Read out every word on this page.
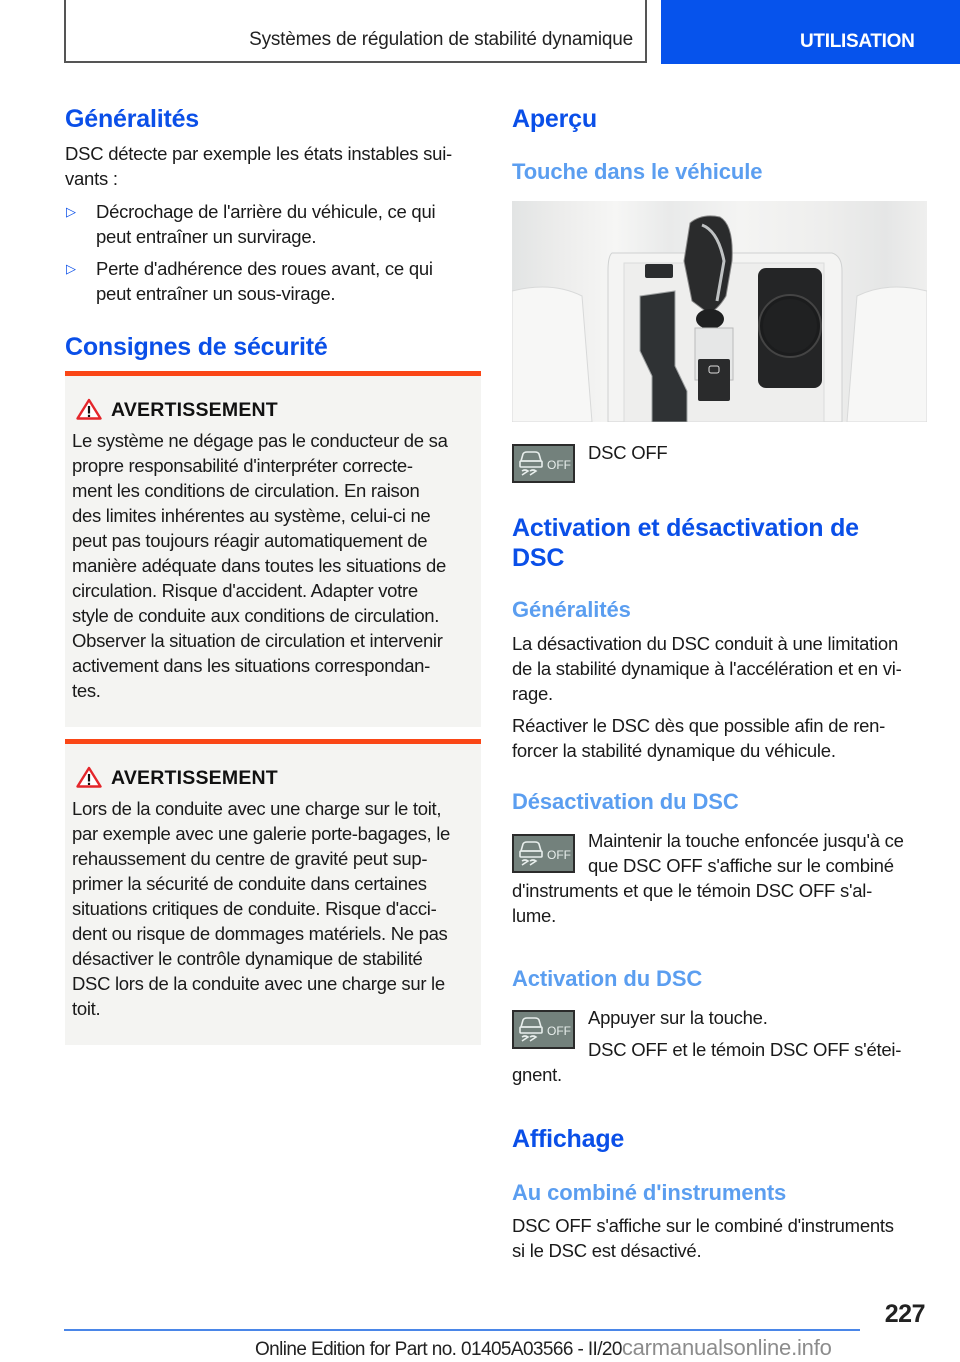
Systèmes de régulation de stabilité dynamique	UTILISATION
Généralités
DSC détecte par exemple les états instables sui-
vants :
▷ Décrochage de l'arrière du véhicule, ce qui
peut entraîner un survirage.
▷ Perte d'adhérence des roues avant, ce qui
peut entraîner un sous-virage.
Consignes de sécurité
AVERTISSEMENT
Le système ne dégage pas le conducteur de sa
propre responsabilité d'interpréter correcte-
ment les conditions de circulation. En raison
des limites inhérentes au système, celui-ci ne
peut pas toujours réagir automatiquement de
manière adéquate dans toutes les situations de
circulation. Risque d'accident. Adapter votre
style de conduite aux conditions de circulation.
Observer la situation de circulation et intervenir
activement dans les situations correspondan-
tes.
AVERTISSEMENT
Lors de la conduite avec une charge sur le toit,
par exemple avec une galerie porte-bagages, le
rehaussement du centre de gravité peut sup-
primer la sécurité de conduite dans certaines
situations critiques de conduite. Risque d'acci-
dent ou risque de dommages matériels. Ne pas
désactiver le contrôle dynamique de stabilité
DSC lors de la conduite avec une charge sur le
toit.
Aperçu
Touche dans le véhicule
OFF
DSC OFF
Activation et désactivation de
DSC
Généralités
La désactivation du DSC conduit à une limitation
de la stabilité dynamique à l'accélération et en vi-
rage.
Réactiver le DSC dès que possible afin de ren-
forcer la stabilité dynamique du véhicule.
Désactivation du DSC
OFF
Maintenir la touche enfoncée jusqu'à ce
que DSC OFF s'affiche sur le combiné
d'instruments et que le témoin DSC OFF s'al-
lume.
Activation du DSC
OFF
Appuyer sur la touche.
DSC OFF et le témoin DSC OFF s'étei-
gnent.
Affichage
Au combiné d'instruments
DSC OFF s'affiche sur le combiné d'instruments
si le DSC est désactivé.
227
Online Edition for Part no. 01405A03566 - II/20carmanualsonline.info
